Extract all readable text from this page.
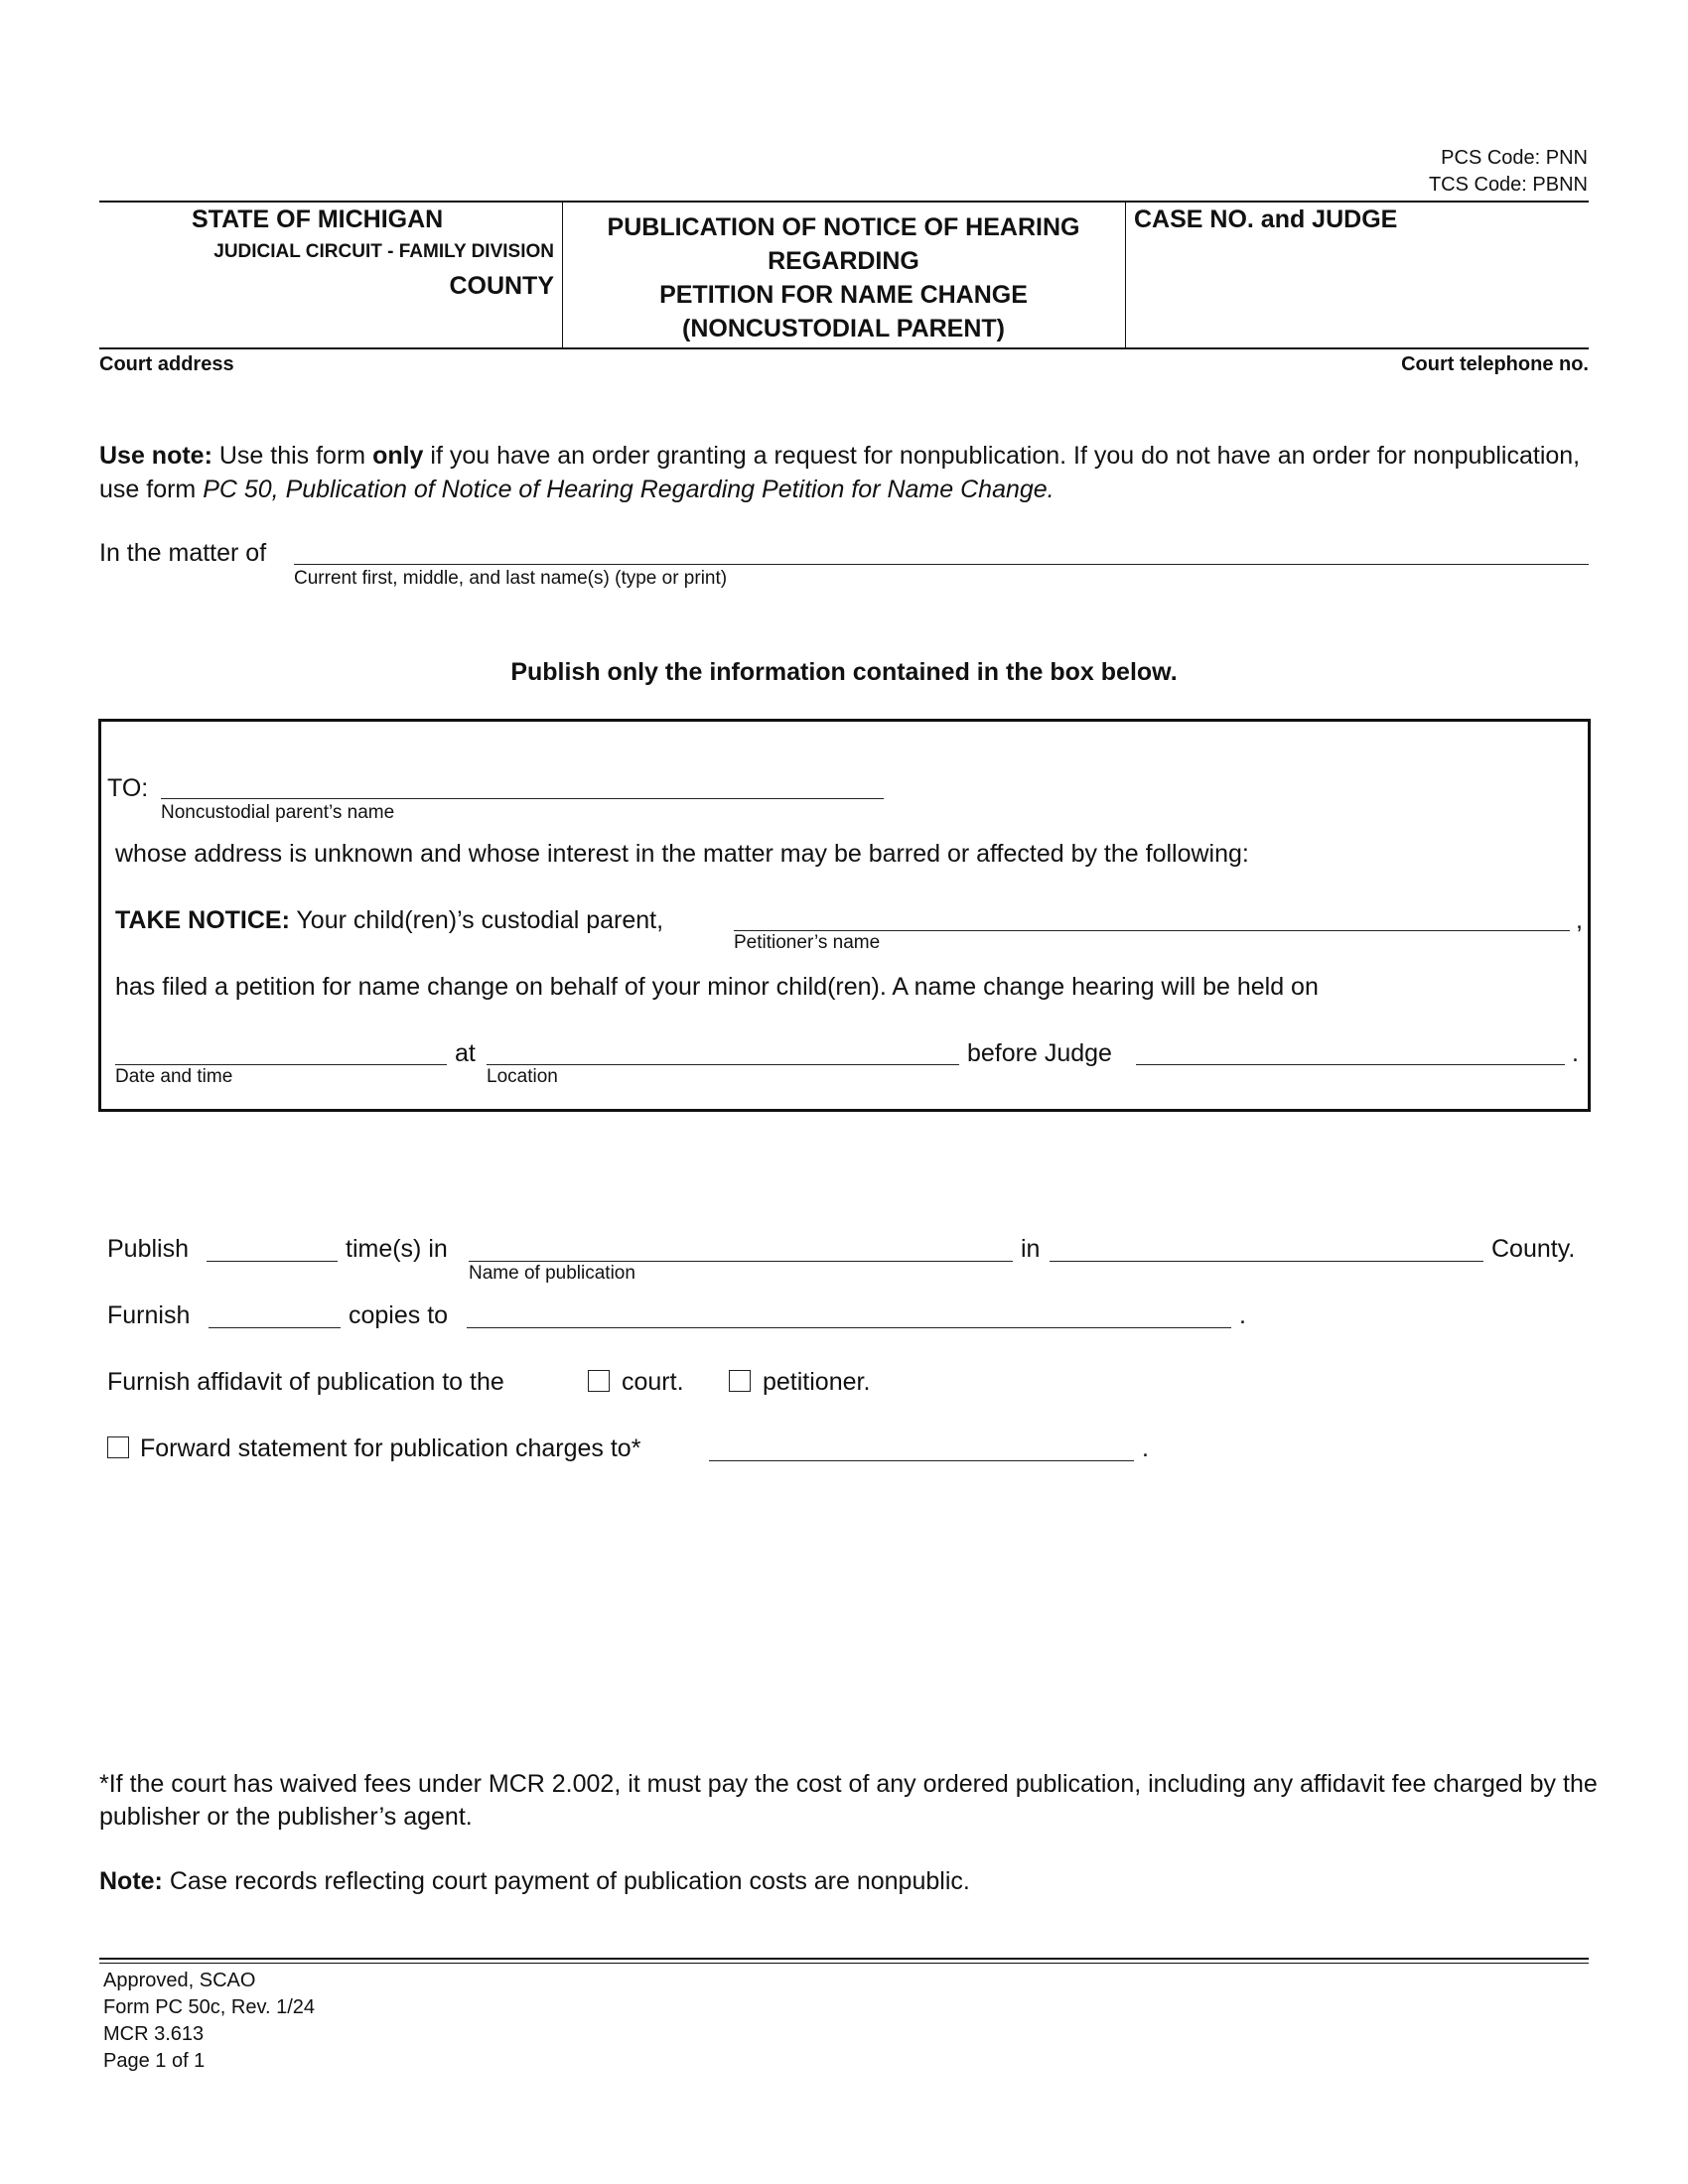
PCS Code: PNN
TCS Code: PBNN
STATE OF MICHIGAN
JUDICIAL CIRCUIT - FAMILY DIVISION
COUNTY
PUBLICATION OF NOTICE OF HEARING
REGARDING
PETITION FOR NAME CHANGE
(NONCUSTODIAL PARENT)
CASE NO. and JUDGE
Court address	Court telephone no.
Use note: Use this form only if you have an order granting a request for nonpublication. If you do not have an order for nonpublication, use form PC 50, Publication of Notice of Hearing Regarding Petition for Name Change.
In the matter of
Current first, middle, and last name(s) (type or print)
Publish only the information contained in the box below.
TO:
Noncustodial parent’s name
whose address is unknown and whose interest in the matter may be barred or affected by the following:
TAKE NOTICE: Your child(ren)’s custodial parent,	,
Petitioner’s name
has filed a petition for name change on behalf of your minor child(ren). A name change hearing will be held on
Date and time
at
Location
before Judge	.
Publish	time(s) in
Name of publication
in	County.
Furnish	copies to	.
Furnish affidavit of publication to the	court.	petitioner.
Forward statement for publication charges to*	.
*If the court has waived fees under MCR 2.002, it must pay the cost of any ordered publication, including any affidavit fee charged by the publisher or the publisher’s agent.
Note: Case records reflecting court payment of publication costs are nonpublic.
Approved, SCAO
Form PC 50c, Rev. 1/24
MCR 3.613
Page 1 of 1
